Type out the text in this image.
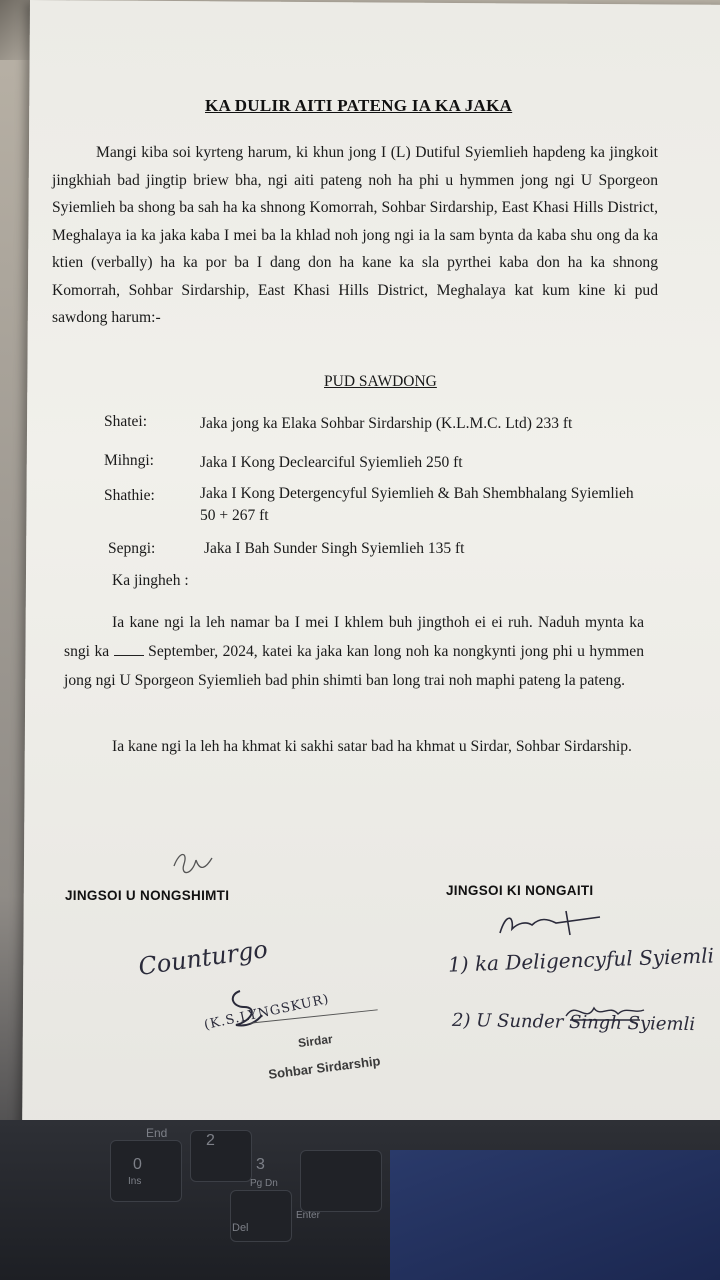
KA DULIR AITI PATENG IA KA JAKA
Mangi kiba soi kyrteng harum, ki khun jong I (L) Dutiful Syiemlieh hapdeng ka jingkoit jingkhiah bad jingtip briew bha, ngi aiti pateng noh ha phi u hymmen jong ngi U Sporgeon Syiemlieh ba shong ba sah ha ka shnong Komorrah, Sohbar Sirdarship, East Khasi Hills District, Meghalaya ia ka jaka kaba I mei ba la khlad noh jong ngi ia la sam bynta da kaba shu ong da ka ktien (verbally) ha ka por ba I dang don ha kane ka sla pyrthei kaba don ha ka shnong Komorrah, Sohbar Sirdarship, East Khasi Hills District, Meghalaya kat kum kine ki pud sawdong harum:-
PUD SAWDONG
Shatei:	Jaka jong ka Elaka Sohbar Sirdarship (K.L.M.C. Ltd) 233 ft
Mihngi:	Jaka I Kong Declearciful Syiemlieh 250 ft
Shathie:	Jaka I Kong Detergencyful Syiemlieh & Bah Shembhalang Syiemlieh 50 + 267 ft
Sepngi:	Jaka I Bah Sunder Singh Syiemlieh 135 ft
Ka jingheh :
Ia kane ngi la leh namar ba I mei I khlem buh jingthoh ei ei ruh. Naduh mynta ka sngi ka September, 2024, katei ka jaka kan long noh ka nongkynti jong phi u hymmen jong ngi U Sporgeon Syiemlieh bad phin shimti ban long trai noh maphi pateng la pateng.
Ia kane ngi la leh ha khmat ki sakhi satar bad ha khmat u Sirdar, Sohbar Sirdarship.
JINGSOI U NONGSHIMTI	JINGSOI KI NONGAITI
Counturgo
(K.S.LYNGSKUR)
Sirdar
Sohbar Sirdarship
1) ka Deligencyful Syiemli
2) U Sunder Singh Syiemli
End 2
0
Ins
3
Pg Dn
Del
Enter
